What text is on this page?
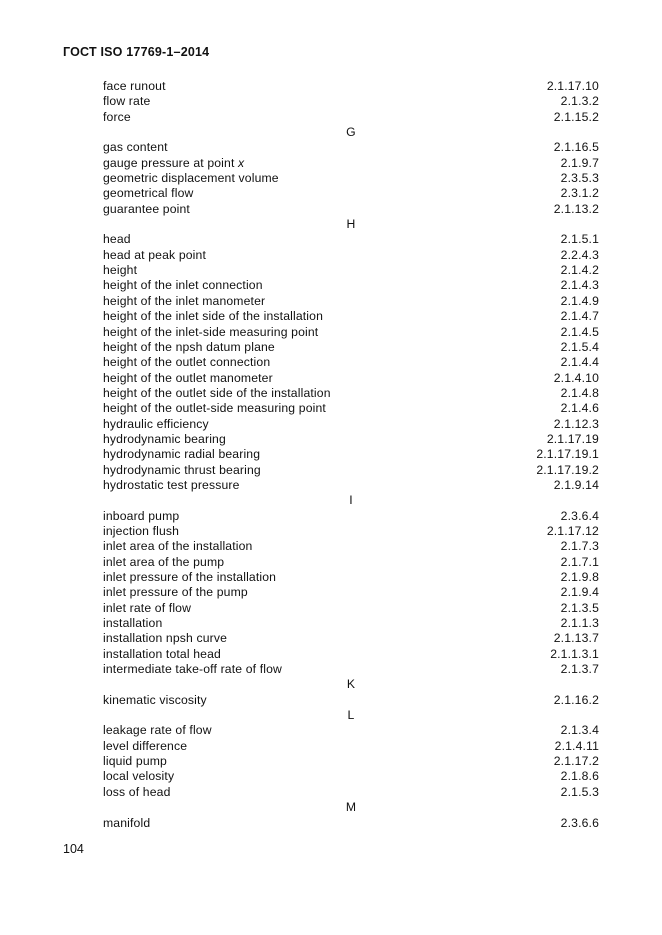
ГОСТ ISO 17769-1–2014
face runout	2.1.17.10
flow rate	2.1.3.2
force	2.1.15.2
G
gas content	2.1.16.5
gauge pressure at point x	2.1.9.7
geometric displacement volume	2.3.5.3
geometrical flow	2.3.1.2
guarantee point	2.1.13.2
H
head	2.1.5.1
head at peak point	2.2.4.3
height	2.1.4.2
height of the inlet connection	2.1.4.3
height of the inlet manometer	2.1.4.9
height of the inlet side of the installation	2.1.4.7
height of the inlet-side measuring point	2.1.4.5
height of the npsh datum plane	2.1.5.4
height of the outlet connection	2.1.4.4
height of the outlet manometer	2.1.4.10
height of the outlet side of the installation	2.1.4.8
height of the outlet-side measuring point	2.1.4.6
hydraulic efficiency	2.1.12.3
hydrodynamic bearing	2.1.17.19
hydrodynamic radial bearing	2.1.17.19.1
hydrodynamic thrust bearing	2.1.17.19.2
hydrostatic test pressure	2.1.9.14
I
inboard pump	2.3.6.4
injection flush	2.1.17.12
inlet area of the installation	2.1.7.3
inlet area of the pump	2.1.7.1
inlet pressure of the installation	2.1.9.8
inlet pressure of the pump	2.1.9.4
inlet rate of flow	2.1.3.5
installation	2.1.1.3
installation npsh curve	2.1.13.7
installation total head	2.1.1.3.1
intermediate take-off rate of flow	2.1.3.7
K
kinematic viscosity	2.1.16.2
L
leakage rate of flow	2.1.3.4
level difference	2.1.4.11
liquid pump	2.1.17.2
local velosity	2.1.8.6
loss of head	2.1.5.3
M
manifold	2.3.6.6
104
